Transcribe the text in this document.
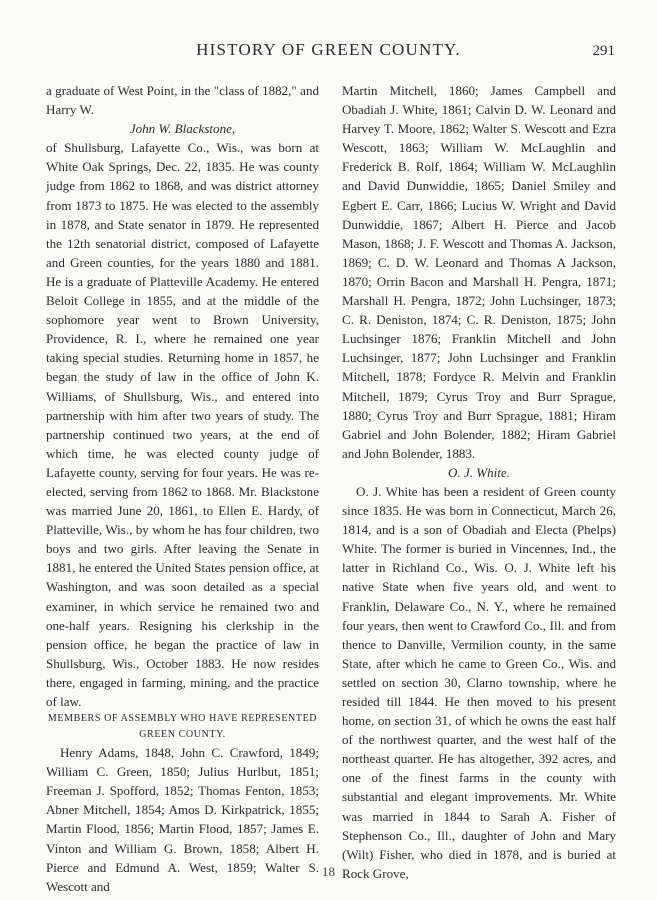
HISTORY OF GREEN COUNTY.	291

a graduate of West Point, in the "class of 1882," and Harry W.

John W. Blackstone,

of Shullsburg, Lafayette Co., Wis., was born at White Oak Springs, Dec. 22, 1835. He was county judge from 1862 to 1868, and was district attorney from 1873 to 1875. He was elected to the assembly in 1878, and State senator in 1879. He represented the 12th senatorial district, composed of Lafayette and Green counties, for the years 1880 and 1881. He is a graduate of Platteville Academy. He entered Beloit College in 1855, and at the middle of the sophomore year went to Brown University, Providence, R. I., where he remained one year taking special studies. Returning home in 1857, he began the study of law in the office of John K. Williams, of Shullsburg, Wis., and entered into partnership with him after two years of study. The partnership continued two years, at the end of which time, he was elected county judge of Lafayette county, serving for four years. He was re-elected, serving from 1862 to 1868. Mr. Blackstone was married June 20, 1861, to Ellen E. Hardy, of Platteville, Wis., by whom he has four children, two boys and two girls. After leaving the Senate in 1881, he entered the United States pension office, at Washington, and was soon detailed as a special examiner, in which service he remained two and one-half years. Resigning his clerkship in the pension office, he began the practice of law in Shullsburg, Wis., October 1883. He now resides there, engaged in farming, mining, and the practice of law.

MEMBERS OF ASSEMBLY WHO HAVE REPRESENTED GREEN COUNTY.

Henry Adams, 1848, John C. Crawford, 1849; William C. Green, 1850; Julius Hurlbut, 1851; Freeman J. Spofford, 1852; Thomas Fenton, 1853; Abner Mitchell, 1854; Amos D. Kirkpatrick, 1855; Martin Flood, 1856; Martin Flood, 1857; James E. Vinton and William G. Brown, 1858; Albert H. Pierce and Edmund A. West, 1859; Walter S. Wescott and

Martin Mitchell, 1860; James Campbell and Obadiah J. White, 1861; Calvin D. W. Leonard and Harvey T. Moore, 1862; Walter S. Wescott and Ezra Wescott, 1863; William W. McLaughlin and Frederick B. Rolf, 1864; William W. McLaughlin and David Dunwiddie, 1865; Daniel Smiley and Egbert E. Carr, 1866; Lucius W. Wright and David Dunwiddie, 1867; Albert H. Pierce and Jacob Mason, 1868; J. F. Wescott and Thomas A. Jackson, 1869; C. D. W. Leonard and Thomas A Jackson, 1870; Orrin Bacon and Marshall H. Pengra, 1871; Marshall H. Pengra, 1872; John Luchsinger, 1873; C. R. Deniston, 1874; C. R. Deniston, 1875; John Luchsinger 1876; Franklin Mitchell and John Luchsinger, 1877; John Luchsinger and Franklin Mitchell, 1878; Fordyce R. Melvin and Franklin Mitchell, 1879; Cyrus Troy and Burr Sprague, 1880; Cyrus Troy and Burr Sprague, 1881; Hiram Gabriel and John Bolender, 1882; Hiram Gabriel and John Bolender, 1883.

O. J. White.

O. J. White has been a resident of Green county since 1835. He was born in Connecticut, March 26, 1814, and is a son of Obadiah and Electa (Phelps) White. The former is buried in Vincennes, Ind., the latter in Richland Co., Wis. O. J. White left his native State when five years old, and went to Franklin, Delaware Co., N. Y., where he remained four years, then went to Crawford Co., Ill. and from thence to Danville, Vermilion county, in the same State, after which he came to Green Co., Wis. and settled on section 30, Clarno township, where he resided till 1844. He then moved to his present home, on section 31, of which he owns the east half of the northwest quarter, and the west half of the northeast quarter. He has altogether, 392 acres, and one of the finest farms in the county with substantial and elegant improvements. Mr. White was married in 1844 to Sarah A. Fisher of Stephenson Co., Ill., daughter of John and Mary (Wilt) Fisher, who died in 1878, and is buried at Rock Grove,

18
